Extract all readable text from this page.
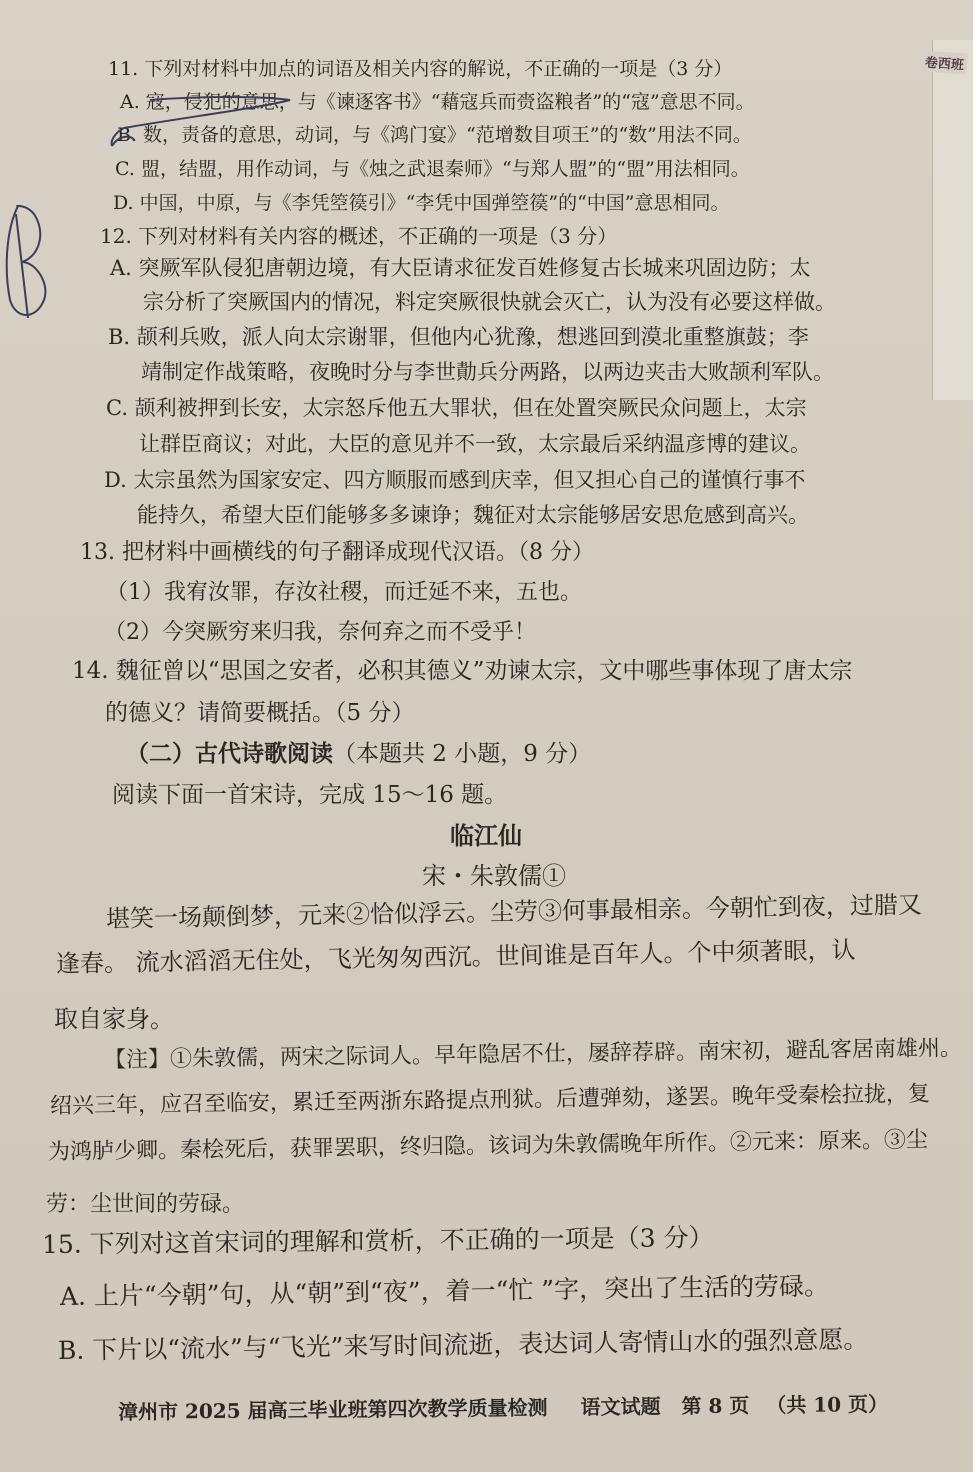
卷西班
11. 下列对材料中加点的词语及相关内容的解说，不正确的一项是（3 分）
A. 寇，侵犯的意思，与《谏逐客书》“藉寇兵而赍盗粮者”的“寇”意思不同。
B. 数，责备的意思，动词，与《鸿门宴》“范增数目项王”的“数”用法不同。
C. 盟，结盟，用作动词，与《烛之武退秦师》“与郑人盟”的“盟”用法相同。
D. 中国，中原，与《李凭箜篌引》“李凭中国弹箜篌”的“中国”意思相同。
12. 下列对材料有关内容的概述，不正确的一项是（3 分）
A. 突厥军队侵犯唐朝边境，有大臣请求征发百姓修复古长城来巩固边防；太
宗分析了突厥国内的情况，料定突厥很快就会灭亡，认为没有必要这样做。
B. 颉利兵败，派人向太宗谢罪，但他内心犹豫，想逃回到漠北重整旗鼓；李
靖制定作战策略，夜晚时分与李世勣兵分两路，以两边夹击大败颉利军队。
C. 颉利被押到长安，太宗怒斥他五大罪状，但在处置突厥民众问题上，太宗
让群臣商议；对此，大臣的意见并不一致，太宗最后采纳温彦博的建议。
D. 太宗虽然为国家安定、四方顺服而感到庆幸，但又担心自己的谨慎行事不
能持久，希望大臣们能够多多谏诤；魏征对太宗能够居安思危感到高兴。
13. 把材料中画横线的句子翻译成现代汉语。（8 分）
（1）我宥汝罪，存汝社稷，而迁延不来，五也。
（2）今突厥穷来归我，奈何弃之而不受乎！
14. 魏征曾以“思国之安者，必积其德义”劝谏太宗，文中哪些事体现了唐太宗
的德义？请简要概括。（5 分）
（二）古代诗歌阅读（本题共 2 小题，9 分）
阅读下面一首宋诗，完成 15～16 题。
临江仙
宋・朱敦儒①
堪笑一场颠倒梦，元来②恰似浮云。尘劳③何事最相亲。今朝忙到夜，过腊又
逢春。 流水滔滔无住处，飞光匆匆西沉。世间谁是百年人。个中须著眼，认
取自家身。
【注】①朱敦儒，两宋之际词人。早年隐居不仕，屡辞荐辟。南宋初，避乱客居南雄州。
绍兴三年，应召至临安，累迁至两浙东路提点刑狱。后遭弹劾，遂罢。晚年受秦桧拉拢，复
为鸿胪少卿。秦桧死后，获罪罢职，终归隐。该词为朱敦儒晚年所作。②元来：原来。③尘
劳：尘世间的劳碌。
15. 下列对这首宋词的理解和赏析，不正确的一项是（3 分）
A. 上片“今朝”句，从“朝”到“夜”，着一“忙 ”字，突出了生活的劳碌。
B. 下片以“流水”与“飞光”来写时间流逝，表达词人寄情山水的强烈意愿。
漳州市 2025 届高三毕业班第四次教学质量检测 语文试题 第 8 页 （共 10 页）
